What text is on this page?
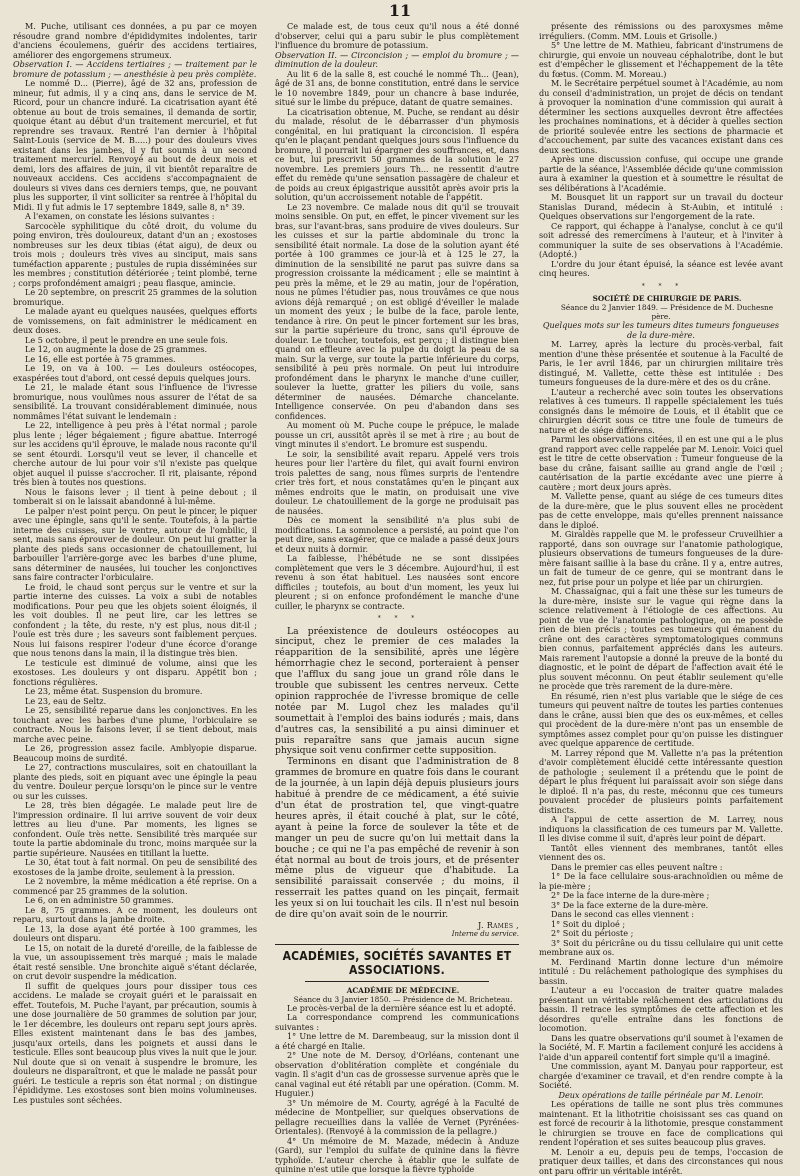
11

M. Puche, utilisant ces données, a pu par ce moyen résoudre grand nombre d'épididymites indolentes, tarir d'anciens écoulemens, guérir des accidens tertiaires, améliorer des engorgemens strumeux.

Observation I. — Accidens tertiaires ; — traitement par le bromure de potassium ; — anesthésie à peu près complète.

Le nommé D... (Pierre), âgé de 32 ans, profession de mineur, fut admis, il y a cinq ans, dans le service de M. Ricord, pour un chancre induré. La cicatrisation ayant été obtenue au bout de trois semaines, il demanda de sortir, quoique étant au début d'un traitement mercuriel, et fut reprendre ses travaux. Rentré l'an dernier à l'hôpital Saint-Louis (service de M. B.....) pour des douleurs vives existant dans les jambes, il y fut soumis à un second traitement mercuriel. Renvoyé au bout de deux mois et demi, lors des affaires de juin, il vit bientôt reparaître de nouveaux accidens. Ces accidens s'accompagnaient de douleurs si vives dans ces derniers temps, que, ne pouvant plus les supporter, il vint solliciter sa rentrée à l'hôpital du Midi. Il y fut admis le 17 septembre 1849, salle 8, n° 39.

A l'examen, on constate les lésions suivantes :

Sarcocèle syphilitique du côté droit, du volume du poing environ, très douloureux, datant d'un an ; exostoses nombreuses sur les deux tibias (état aigu), de deux ou trois mois ; douleurs très vives au sinciput, mais sans tuméfaction apparente ; pustules de rupia disséminées sur les membres ; constitution détériorée ; teint plombé, terne ; corps profondément amaigri ; peau flasque, amincie.

Le 20 septembre, on prescrit 25 grammes de la solution bromurique.

Le malade ayant eu quelques nausées, quelques efforts de vomissemens, on fait administrer le médicament en deux doses.

Le 5 octobre, il peut le prendre en une seule fois.

Le 12, on augmente la dose de 25 grammes.

Le 16, elle est portée à 75 grammes.

Le 19, on va à 100. — Les douleurs ostéocopes, exaspérées tout d'abord, ont cessé depuis quelques jours.

Le 21, le malade étant sous l'influence de l'ivresse bromurique, nous voulûmes nous assurer de l'état de sa sensibilité. La trouvant considérablement diminuée, nous nommâmes l'état suivant le lendemain :

Le 22, intelligence à peu près à l'état normal ; parole plus lente ; léger bégaiement ; figure abattue. Interrogé sur les accidens qu'il éprouve, le malade nous raconte qu'il se sent étourdi. Lorsqu'il veut se lever, il chancelle et cherche autour de lui pour voir s'il n'existe pas quelque objet auquel il puisse s'accrocher. Il rit, plaisante, répond très bien à toutes nos questions.

Nous le faisons lever ; il tient à peine debout ; il tomberait si on le laissait abandonné à lui-même.

Le palper n'est point perçu. On peut le pincer, le piquer avec une épingle, sans qu'il le sente. Toutefois, à la partie interne des cuisses, sur le ventre, autour de l'ombilic, il sent, mais sans éprouver de douleur. On peut lui gratter la plante des pieds sans occasionner de chatouillement, lui barbouiller l'arrière-gorge avec les barbes d'une plume, sans déterminer de nausées, lui toucher les conjonctives sans faire contracter l'orbiculaire.

Le froid, le chaud sont perçus sur le ventre et sur la partie interne des cuisses. La voix a subi de notables modifications. Pour peu que les objets soient éloignés, il les voit doubles. Il ne peut lire, car les lettres se confondent ; la tête, du reste, n'y est plus, nous dit-il ; l'ouïe est très dure ; les saveurs sont faiblement perçues. Nous lui faisons respirer l'odeur d'une écorce d'orange que nous tenons dans la main, il la distingue très bien.

Le testicule est diminué de volume, ainsi que les exostoses. Les douleurs y ont disparu. Appétit bon ; fonctions régulières.

Le 23, même état. Suspension du bromure.

Le 23, eau de Seltz.

Le 25, sensibilité reparue dans les conjonctives. En les touchant avec les barbes d'une plume, l'orbiculaire se contracte. Nous le faisons lever, il se tient debout, mais marche avec peine.

Le 26, progression assez facile. Amblyopie disparue. Beaucoup moins de surdité.

Le 27, contractions musculaires, soit en chatouillant la plante des pieds, soit en piquant avec une épingle la peau du ventre. Douleur perçue lorsqu'on le pince sur le ventre ou sur les cuisses.

Le 28, très bien dégagée. Le malade peut lire de l'impression ordinaire. Il lui arrive souvent de voir deux lettres au lieu d'une. Par moments, les lignes se confondent. Ouïe très nette. Sensibilité très marquée sur toute la partie abdominale du tronc, moins marquée sur la partie supérieure. Nausées en titillant la luette.

Le 30, état tout à fait normal. On peu de sensibilité des exostoses de la jambe droite, seulement à la pression.

Le 2 novembre, la même médication a été reprise. On a commencé par 25 grammes de la solution.

Le 6, on en administre 50 grammes.

Le 8, 75 grammes. A ce moment, les douleurs ont reparu, surtout dans la jambe droite.

Le 13, la dose ayant été portée à 100 grammes, les douleurs ont disparu.

Le 15, on notait de la dureté d'oreille, de la faiblesse de la vue, un assoupissement très marqué ; mais le malade était resté sensible. Une bronchite aiguë s'étant déclarée, on crut devoir suspendre la médication.

Il suffit de quelques jours pour dissiper tous ces accidens. Le malade se croyait guéri et le paraissait en effet. Toutefois, M. Puche l'ayant, par précaution, soumis à une dose journalière de 50 grammes de solution par jour, le 1er décembre, les douleurs ont reparu sept jours après. Elles existent maintenant dans le bas des jambes, jusqu'aux orteils, dans les poignets et aussi dans le testicule. Elles sont beaucoup plus vives la nuit que le jour. Nul doute que si on venait à suspendre le bromure, les douleurs ne disparaîtront, et que le malade ne passât pour guéri. Le testicule a repris son état normal ; on distingue l'épididyme. Les exostoses sont bien moins volumineuses. Les pustules sont séchées.

Ce malade est, de tous ceux qu'il nous a été donné d'observer, celui qui a paru subir le plus complètement l'influence du bromure de potassium.

Observation II. — Circoncision ; — emploi du bromure ; — diminution de la douleur.

Au lit 6 de la salle 8, est couché le nommé Th... (Jean), âgé de 31 ans, de bonne constitution, entré dans le service le 10 novembre 1849, pour un chancre à base indurée, situé sur le limbe du prépuce, datant de quatre semaines.

La cicatrisation obtenue, M. Puche, se rendant au désir du malade, résolut de le débarrasser d'un phymosis congénital, en lui pratiquant la circoncision. Il espéra qu'en le plaçant pendant quelques jours sous l'influence du bromure, il pourrait lui épargner des souffrances, et, dans ce but, lui prescrivit 50 grammes de la solution le 27 novembre. Les premiers jours Th... ne ressentit d'autre effet du remède qu'une sensation passagère de chaleur et de poids au creux épigastrique aussitôt après avoir pris la solution, qu'un accroissement notable de l'appétit.

Le 23 novembre. Ce malade nous dit qu'il se trouvait moins sensible. On put, en effet, le pincer vivement sur les bras, sur l'avant-bras, sans produire de vives douleurs. Sur les cuisses et sur la partie abdominale du tronc la sensibilité était normale. La dose de la solution ayant été portée à 100 grammes ce jour-là et à 125 le 27, la diminution de la sensibilité ne parut pas suivre dans sa progression croissante la médicament ; elle se maintint à peu près la même, et le 29 au matin, jour de l'opération, nous ne pûmes l'étudier pas, nous trouvâmes ce que nous avions déjà remarqué ; on est obligé d'éveiller le malade un moment des yeux ; le bulbe de la face, parole lente, tendance à rire. On peut le pincer fortement sur les bras, sur la partie supérieure du tronc, sans qu'il éprouve de douleur. Le toucher, toutefois, est perçu ; il distingue bien quand on effleure avec la pulpe du doigt la peau de sa main. Sur la verge, sur toute la partie inférieure du corps, sensibilité à peu près normale. On peut lui introduire profondément dans le pharynx le manche d'une cuiller, soulever la luette, gratter les piliers du voile, sans déterminer de nausées. Démarche chancelante. Intelligence conservée. On peu d'abandon dans ses confidences.

Au moment où M. Puche coupe le prépuce, le malade pousse un cri, aussitôt après il se met à rire ; au bout de vingt minutes il s'endort. Le bromure est suspendu.

Le soir, la sensibilité avait reparu. Appelé vers trois heures pour lier l'artère du filet, qui avait fourni environ trois palettes de sang, nous fûmes surpris de l'entendre crier très fort, et nous constatâmes qu'en le pinçant aux mêmes endroits que le matin, on produisait une vive douleur. Le chatouillement de la gorge ne produisait pas de nausées.

Dès ce moment la sensibilité n'a plus subi de modifications. La somnolence a persisté, au point que l'on peut dire, sans exagérer, que ce malade a passé deux jours et deux nuits à dormir.

La faiblesse, l'hébétude ne se sont dissipées complètement que vers le 3 décembre. Aujourd'hui, il est revenu à son état habituel. Les nausées sont encore difficiles ; toutefois, au bout d'un moment, les yeux lui pleurent ; si on enfonce profondément le manche d'une cuiller, le pharynx se contracte.

*   *   *

La préexistence de douleurs ostéocopes au sinciput, chez le premier de ces malades la réapparition de la sensibilité, après une légère hémorrhagie chez le second, porteraient à penser que l'afflux du sang joue un grand rôle dans le trouble que subissent les centres nerveux. Cette opinion rapprochée de l'ivresse bromique de celle notée par M. Lugol chez les malades qu'il soumettait à l'emploi des bains iodurés ; mais, dans d'autres cas, la sensibilité a pu ainsi diminuer et puis reparaître sans que jamais aucun signe physique soit venu confirmer cette supposition.

Terminons en disant que l'administration de 8 grammes de bromure en quatre fois dans le courant de la journée, à un lapin déjà depuis plusieurs jours habitué à prendre de ce médicament, a été suivie d'un état de prostration tel, que vingt-quatre heures après, il était couché à plat, sur le côté, ayant à peine la force de soulever la tête et de manger un peu de sucre qu'on lui mettait dans la bouche ; ce qui ne l'a pas empêché de revenir à son état normal au bout de trois jours, et de présenter même plus de vigueur que d'habitude. La sensibilité paraissait conservée ; du moins, il resserrait les pattes quand on les pinçait, fermait les yeux si on lui touchait les cils. Il n'est nul besoin de dire qu'on avait soin de le nourrir.

J. Ramès ,

Interne du service.

ACADÉMIES, SOCIÉTÉS SAVANTES ET ASSOCIATIONS.

ACADÉMIE DE MÉDECINE.

Séance du 3 Janvier 1850. — Présidence de M. Bricheteau.

Le procès-verbal de la dernière séance est lu et adopté.

La correspondance comprend les communications suivantes :

1° Une lettre de M. Darembeaug, sur la mission dont il a été chargé en Italie.

2° Une note de M. Dersoy, d'Orléans, contenant une observation d'oblitération complète et congéniale du vagin. Il s'agit d'un cas de grossesse survenue après que le canal vaginal eut été rétabli par une opération. (Comm. M. Huguier.)

3° Un mémoire de M. Courty, agrégé à la Faculté de médecine de Montpellier, sur quelques observations de pellagre recueillies dans la vallée de Vernet (Pyrénées-Orientales). (Renvoyé à la commission de la pellagre.)

4° Un mémoire de M. Mazade, médecin à Anduze (Gard), sur l'emploi du sulfate de quinine dans la fièvre typhoïde. L'auteur cherche à établir que le sulfate de quinine n'est utile que lorsque la fièvre typhoïde

présente des rémissions ou des paroxysmes même irréguliers. (Comm. MM. Louis et Grisolle.)

5° Une lettre de M. Mathieu, fabricant d'instrumens de chirurgie, qui envoie un nouveau céphalotribe, dont le but est d'empêcher le glissement et l'échappement de la tête du fœtus. (Comm. M. Moreau.)

M. le Secrétaire perpétuel soumet à l'Académie, au nom du conseil d'administration, un projet de décis on tendant à provoquer la nomination d'une commission qui aurait à déterminer les sections auxquelles devront être affectées les prochaines nominations, et à décider à quelles section de priorité soulevée entre les sections de pharmacie et d'accouchement, par suite des vacances existant dans ces deux sections.

Après une discussion confuse, qui occupe une grande partie de la séance, l'Assemblée décide qu'une commission aura à examiner la question et à soumettre le résultat de ses délibérations à l'Académie.

M. Bousquet lit un rapport sur un travail du docteur Stanislas Durand, médecin à St-Aubin, et intitulé : Quelques observations sur l'engorgement de la rate.

Ce rapport, qui échappe à l'analyse, conclut à ce qu'il soit adressé des remercîmens à l'auteur, et à l'inviter à communiquer la suite de ses observations à l'Académie. (Adopté.)

L'ordre du jour étant épuisé, la séance est levée avant cinq heures.

*   *   *

SOCIÉTÉ DE CHIRURGIE DE PARIS.

Séance du 2 Janvier 1849. — Présidence de M. Duchesne père.

Quelques mots sur les tumeurs dites tumeurs fongueuses de la dure-mère.

M. Larrey, après la lecture du procès-verbal, fait mention d'une thèse présentée et soutenue à la Faculté de Paris, le 1er avril 1846, par un chirurgien militaire très distingué, M. Vallette, cette thèse est intitulée : Des tumeurs fongueuses de la dure-mère et des os du crâne.

L'auteur a recherché avec soin toutes les observations relatives à ces tumeurs. Il rappelle spécialement les tués consignés dans le mémoire de Louis, et il établit que ce chirurgien décrit sous ce titre une foule de tumeurs de nature et de siége différens.

Parmi les observations citées, il en est une qui a le plus grand rapport avec celle rappelée par M. Lenoir. Voici quel est le titre de cette observation : Tumeur fongueuse de la base du crâne, faisant saillie au grand angle de l'œil ; cautérisation de la partie excédante avec une pierre à cautère ; mort deux jours après.

M. Vallette pense, quant au siége de ces tumeurs dites de la dure-mère, que le plus souvent elles ne procèdent pas de cette enveloppe, mais qu'elles prennent naissance dans le diploé.

M. Giraldès rappelle que M. le professeur Cruveilhier a rapporté, dans son ouvrage sur l'anatomie pathologique, plusieurs observations de tumeurs fongueuses de la dure-mère faisant saillie à la base du crâne. Il y a, entre autres, un fait de tumeur de ce genre, qui se montrant dans le nez, fut prise pour un polype et liée par un chirurgien.

M. Chassaignac, qui a fait une thèse sur les tumeurs de la dure-mère, insiste sur le vague qui règne dans la science relativement à l'étiologie de ces affections. Au point de vue de l'anatomie pathologique, on ne possède rien de bien précis ; toutes ces tumeurs qui émanent du crâne ont des caractères symptomatologiques communs bien connus, parfaitement appréciés dans les auteurs. Mais rarement l'autopsie a donné la preuve de la bonté du diagnostic, et le point de départ de l'affection avait été le plus souvent méconnu. On peut établir seulement qu'elle ne procède que très rarement de la dure-mère.

En résumé, rien n'est plus variable que le siége de ces tumeurs qui peuvent naître de toutes les parties contenues dans le crâne, aussi bien que des os eux-mêmes, et celles qui procèdent de la dure-mère n'ont pas un ensemble de symptômes assez complet pour qu'on puisse les distinguer avec quelque apparence de certitude.

M. Larrey répond que M. Vallette n'a pas la prétention d'avoir complètement élucidé cette intéressante question de pathologie ; seulement il a prétendu que le point de départ le plus fréquent lui paraissait avoir son siége dans le diploé. Il n'a pas, du reste, méconnu que ces tumeurs pouvaient procéder de plusieurs points parfaitement distincts.

A l'appui de cette assertion de M. Larrey, nous indiquons la classification de ces tumeurs par M. Vallette. Il les divise comme il suit, d'après leur point de départ.

Tantôt elles viennent des membranes, tantôt elles viennent des os.

Dans le premier cas elles peuvent naître :

1° De la face cellulaire sous-arachnoïdien ou même de la pie-mère ;

2° De la face interne de la dure-mère ;

3° De la face externe de la dure-mère.

Dans le second cas elles viennent :

1° Soit du diploé ;

2° Soit du périoste ;

3° Soit du péricrâne ou du tissu cellulaire qui unit cette membrane aux os.

M. Ferdinand Martin donne lecture d'un mémoire intitulé : Du relâchement pathologique des symphises du bassin.

L'auteur a eu l'occasion de traiter quatre malades présentant un véritable relâchement des articulations du bassin. Il retrace les symptômes de cette affection et les désordres qu'elle entraîne dans les fonctions de locomotion.

Dans les quatre observations qu'il soumet à l'examen de la Société, M. F. Martin a facilement conjuré les accidens à l'aide d'un appareil contentif fort simple qu'il a imaginé.

Une commission, ayant M. Danyau pour rapporteur, est chargée d'examiner ce travail, et d'en rendre compte à la Société.

Deux opérations de taille périnéale par M. Lenoir.

Les opérations de taille ne sont plus très communes maintenant. Et la lithotritie choisissant ses cas quand on est forcé de recourir à la lithotomie, presque constamment le chirurgien se trouve en face de complications qui rendent l'opération et ses suites beaucoup plus graves.

M. Lenoir a eu, depuis peu de temps, l'occasion de pratiquer deux tailles, et dans des circonstances qui nous ont paru offrir un véritable intérêt.
